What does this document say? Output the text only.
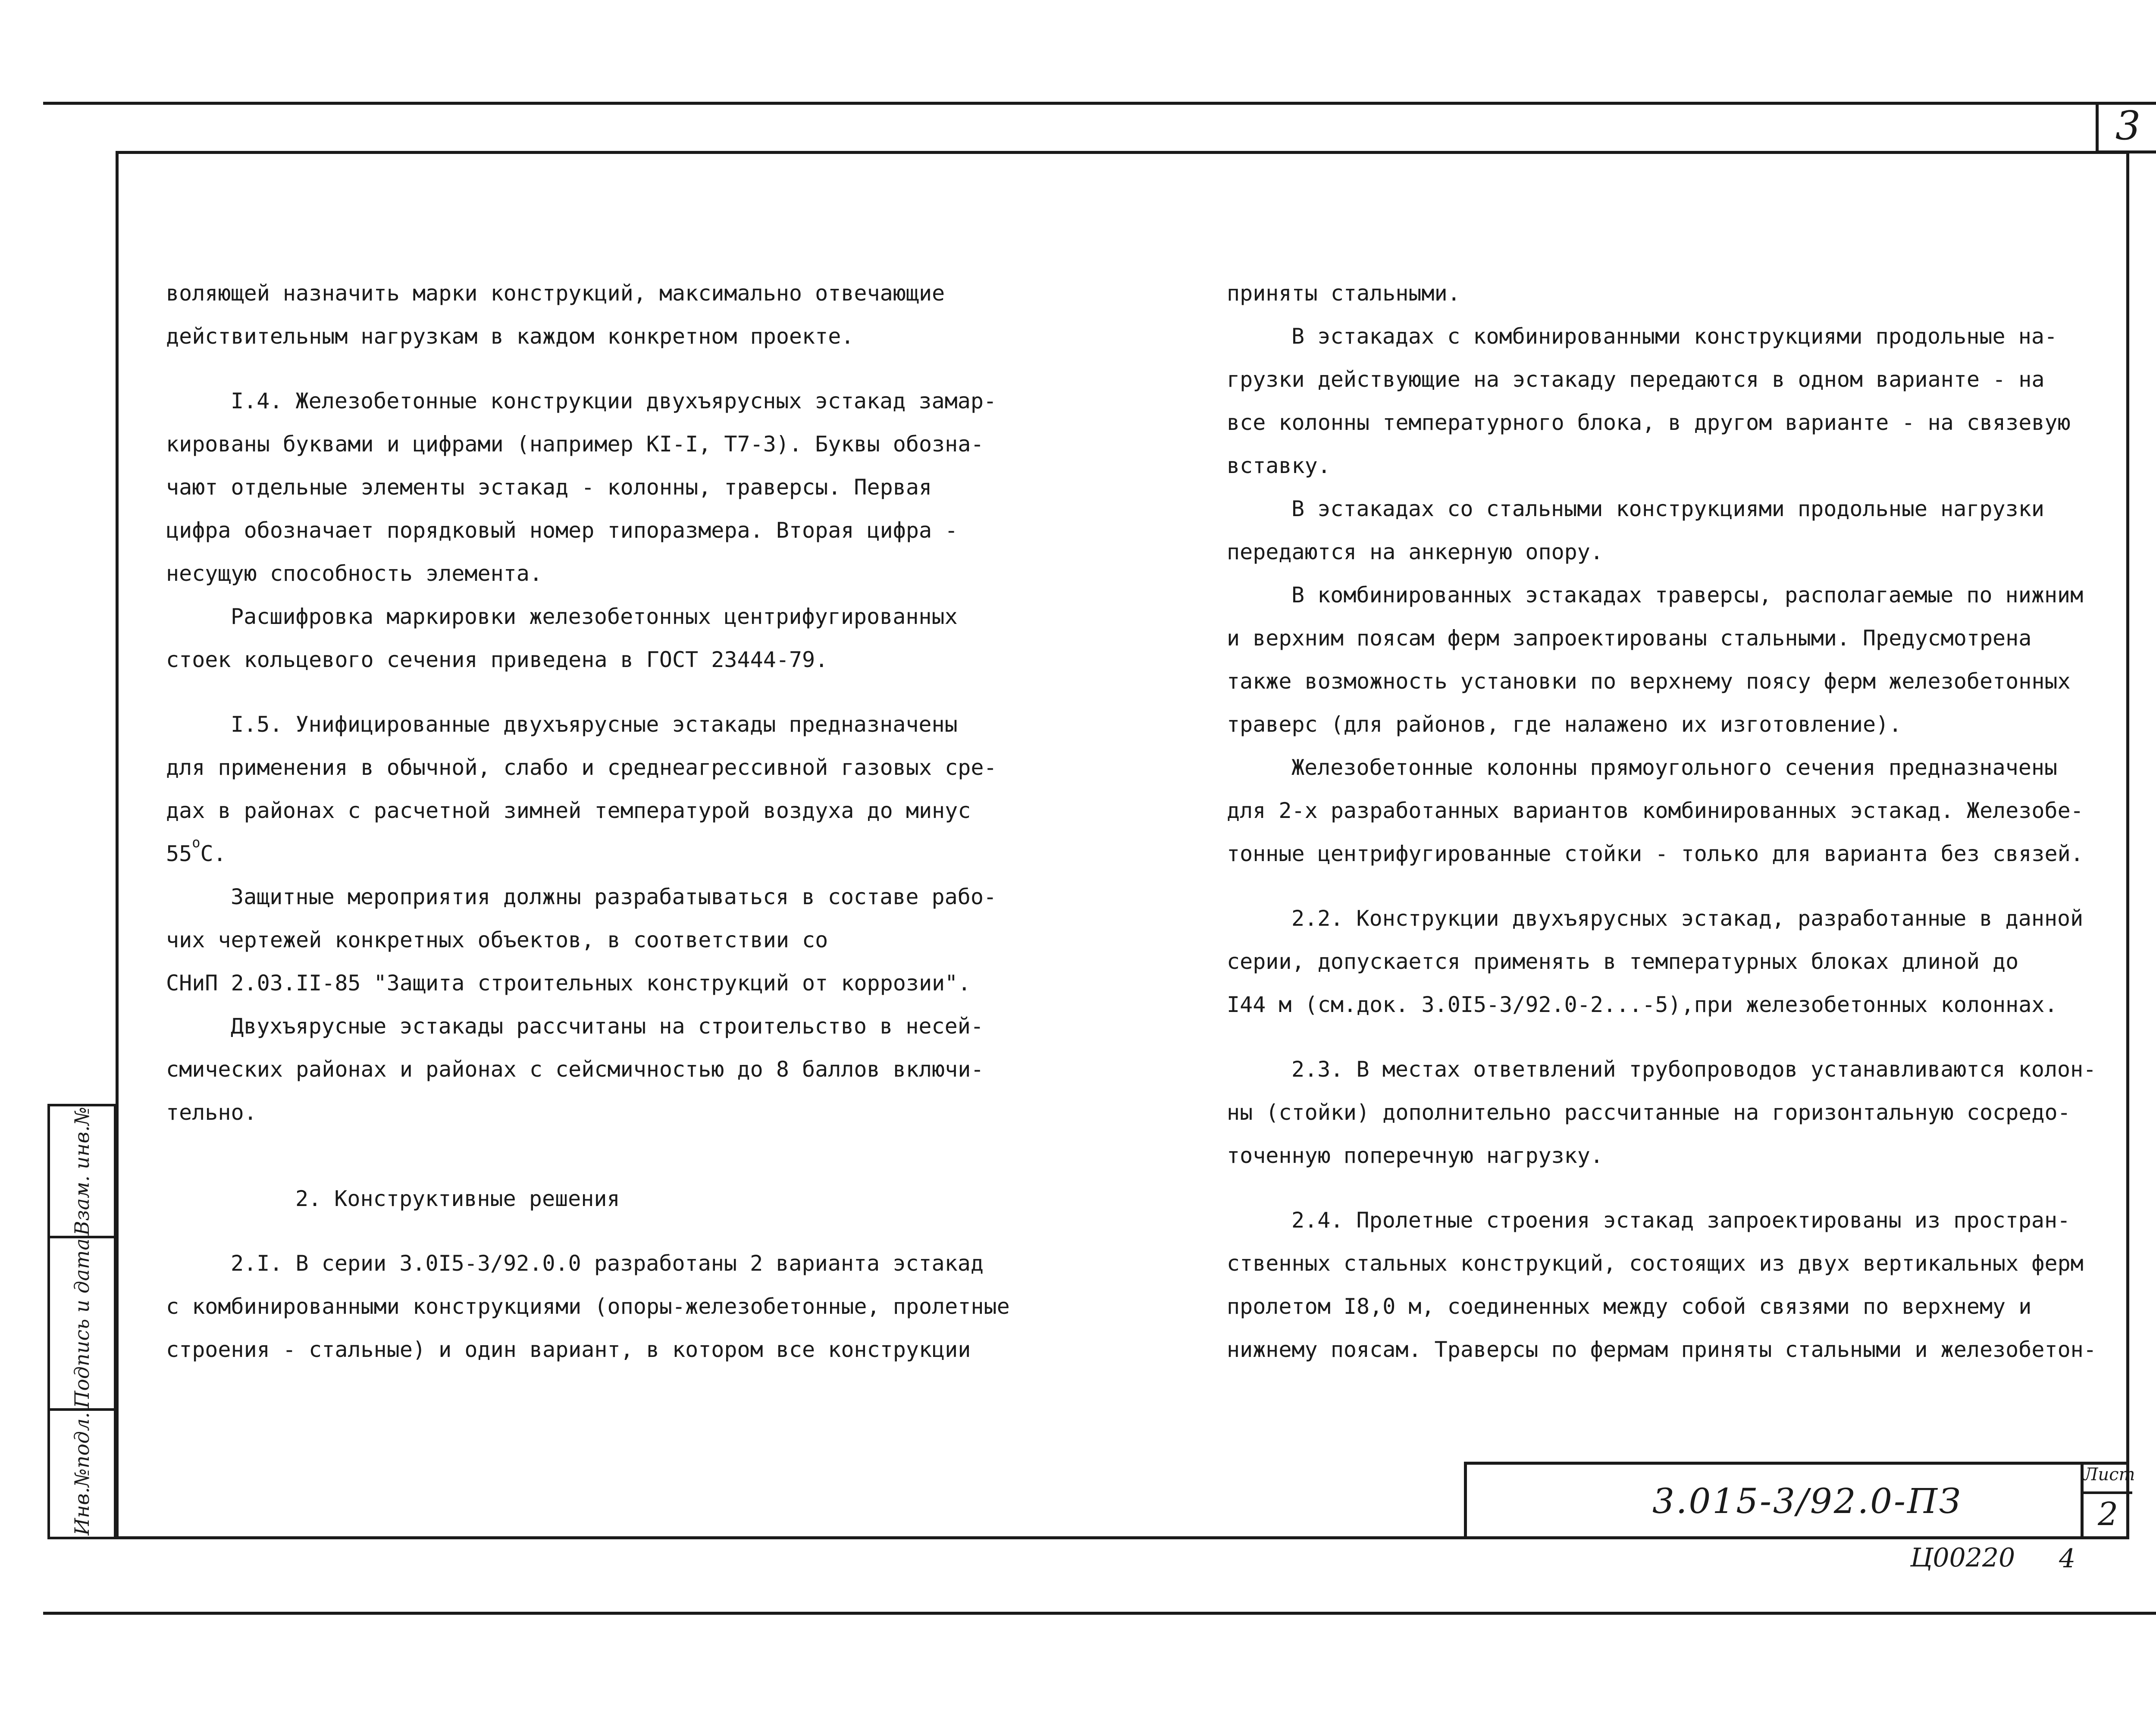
3
Инв.№подл.
Подпись и дата
Взам. инв.№
воляющей назначить марки конструкций, максимально отвечающие
действительным нагрузкам в каждом конкретном проекте.
I.4. Железобетонные конструкции двухъярусных эстакад замар-
кированы буквами и цифрами (например КI-I, Т7-3). Буквы обозна-
чают отдельные элементы эстакад - колонны, траверсы. Первая
цифра обозначает порядковый номер типоразмера. Вторая цифра -
несущую способность элемента.
Расшифровка маркировки железобетонных центрифугированных
стоек кольцевого сечения приведена в ГОСТ 23444-79.
I.5. Унифицированные двухъярусные эстакады предназначены
для применения в обычной, слабо и среднеагрессивной газовых сре-
дах в районах с расчетной зимней температурой воздуха до минус
$55^оС$.
Защитные мероприятия должны разрабатываться в составе рабо-
чих чертежей конкретных объектов, в соответствии со
СНиП 2.03.II-85 "Защита строительных конструкций от коррозии".
Двухъярусные эстакады рассчитаны на строительство в несей-
смических районах и районах с сейсмичностью до 8 баллов включи-
тельно.
2. Конструктивные решения
2.I. В серии 3.0I5-3/92.0.0 разработаны 2 варианта эстакад
с комбинированными конструкциями (опоры-железобетонные, пролетные
строения - стальные) и один вариант, в котором все конструкции
приняты стальными.
В эстакадах с комбинированными конструкциями продольные на-
грузки действующие на эстакаду передаются в одном варианте - на
все колонны температурного блока, в другом варианте - на связевую
вставку.
В эстакадах со стальными конструкциями продольные нагрузки
передаются на анкерную опору.
В комбинированных эстакадах траверсы, располагаемые по нижним
и верхним поясам ферм запроектированы стальными. Предусмотрена
также возможность установки по верхнему поясу ферм железобетонных
траверс (для районов, где налажено их изготовление).
Железобетонные колонны прямоугольного сечения предназначены
для 2-х разработанных вариантов комбинированных эстакад. Железобе-
тонные центрифугированные стойки - только для варианта без связей.
2.2. Конструкции двухъярусных эстакад, разработанные в данной
серии, допускается применять в температурных блоках длиной до
I44 м (см.док. 3.0I5-3/92.0-2...-5),при железобетонных колоннах.
2.3. В местах ответвлений трубопроводов устанавливаются колон-
ны (стойки) дополнительно рассчитанные на горизонтальную сосредо-
точенную поперечную нагрузку.
2.4. Пролетные строения эстакад запроектированы из простран-
ственных стальных конструкций, состоящих из двух вертикальных ферм
пролетом I8,0 м, соединенных между собой связями по верхнему и
нижнему поясам. Траверсы по фермам приняты стальными и железобетон-
3.015-3/92.0-ПЗ
Лист
2
Ц00220 4
